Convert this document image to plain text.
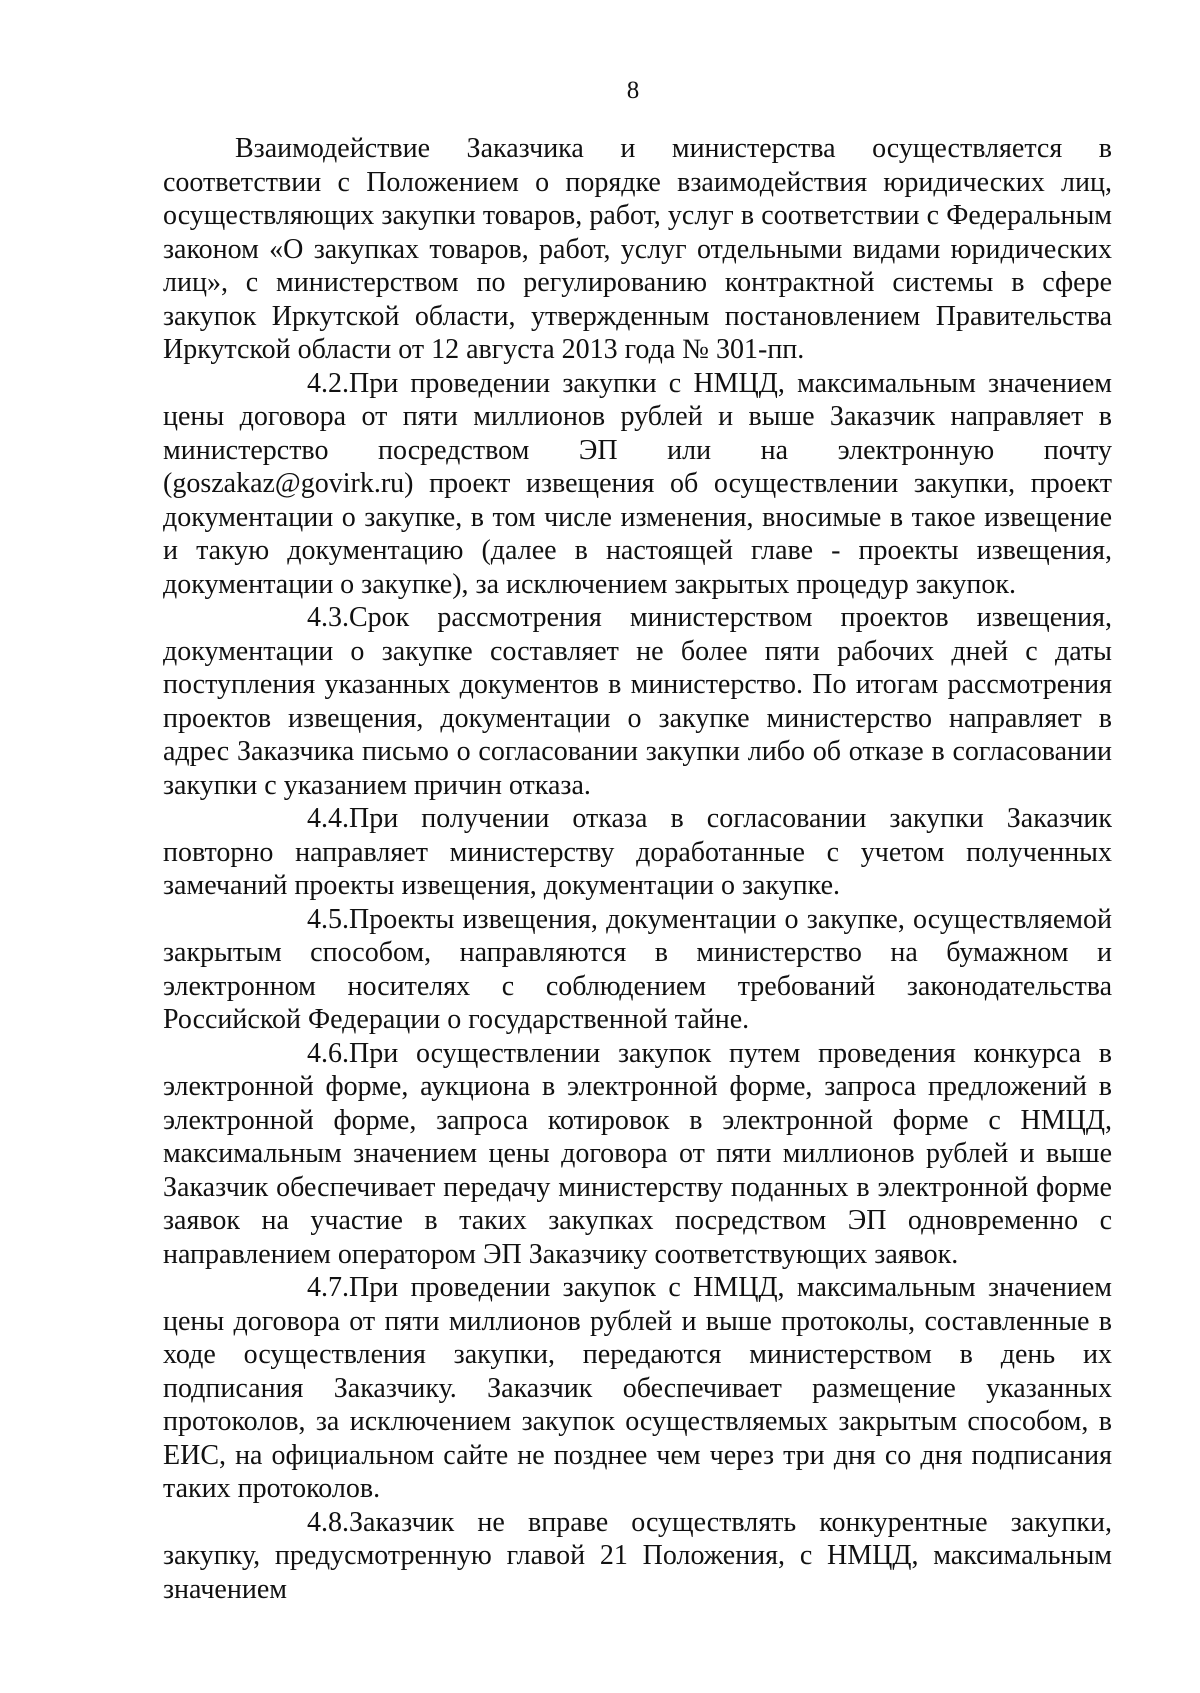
8

Взаимодействие Заказчика и министерства осуществляется в соответствии с Положением о порядке взаимодействия юридических лиц, осуществляющих закупки товаров, работ, услуг в соответствии с Федеральным законом «О закупках товаров, работ, услуг отдельными видами юридических лиц», с министерством по регулированию контрактной системы в сфере закупок Иркутской области, утвержденным постановлением Правительства Иркутской области от 12 августа 2013 года № 301-пп.

4.2.При проведении закупки с НМЦД, максимальным значением цены договора от пяти миллионов рублей и выше Заказчик направляет в министерство посредством ЭП или на электронную почту (goszakaz@govirk.ru) проект извещения об осуществлении закупки, проект документации о закупке, в том числе изменения, вносимые в такое извещение и такую документацию (далее в настоящей главе - проекты извещения, документации о закупке), за исключением закрытых процедур закупок.

4.3.Срок рассмотрения министерством проектов извещения, документации о закупке составляет не более пяти рабочих дней с даты поступления указанных документов в министерство. По итогам рассмотрения проектов извещения, документации о закупке министерство направляет в адрес Заказчика письмо о согласовании закупки либо об отказе в согласовании закупки с указанием причин отказа.

4.4.При получении отказа в согласовании закупки Заказчик повторно направляет министерству доработанные с учетом полученных замечаний проекты извещения, документации о закупке.

4.5.Проекты извещения, документации о закупке, осуществляемой закрытым способом, направляются в министерство на бумажном и электронном носителях с соблюдением требований законодательства Российской Федерации о государственной тайне.

4.6.При осуществлении закупок путем проведения конкурса в электронной форме, аукциона в электронной форме, запроса предложений в электронной форме, запроса котировок в электронной форме с НМЦД, максимальным значением цены договора от пяти миллионов рублей и выше Заказчик обеспечивает передачу министерству поданных в электронной форме заявок на участие в таких закупках посредством ЭП одновременно с направлением оператором ЭП Заказчику соответствующих заявок.

4.7.При проведении закупок с НМЦД, максимальным значением цены договора от пяти миллионов рублей и выше протоколы, составленные в ходе осуществления закупки, передаются министерством в день их подписания Заказчику. Заказчик обеспечивает размещение указанных протоколов, за исключением закупок осуществляемых закрытым способом, в ЕИС, на официальном сайте не позднее чем через три дня со дня подписания таких протоколов.

4.8.Заказчик не вправе осуществлять конкурентные закупки, закупку, предусмотренную главой 21 Положения, с НМЦД, максимальным значением
